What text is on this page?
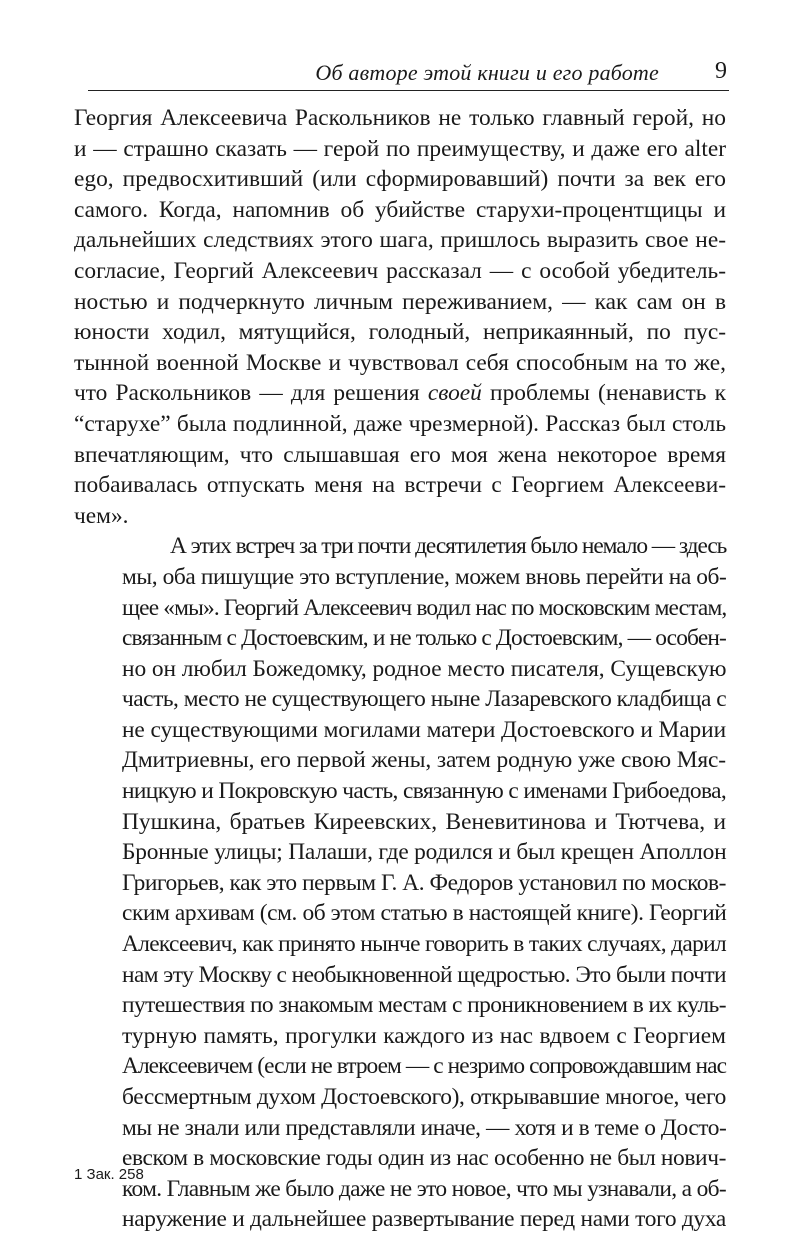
Об авторе этой книги и его работе 9

Георгия Алексеевича Раскольников не только главный герой, но
и — страшно сказать — герой по преимуществу, и даже его alter
ego, предвосхитивший (или сформировавший) почти за век его
самого. Когда, напомнив об убийстве старухи-процентщицы и
дальнейших следствиях этого шага, пришлось выразить свое не-
согласие, Георгий Алексеевич рассказал — с особой убедитель-
ностью и подчеркнуто личным переживанием, — как сам он в
юности ходил, мятущийся, голодный, неприкаянный, по пус-
тынной военной Москве и чувствовал себя способным на то же,
что Раскольников — для решения своей проблемы (ненависть к
“старухе” была подлинной, даже чрезмерной). Рассказ был столь
впечатляющим, что слышавшая его моя жена некоторое время
побаивалась отпускать меня на встречи с Георгием Алексееви-
чем».

А этих встреч за три почти десятилетия было немало — здесь
мы, оба пишущие это вступление, можем вновь перейти на об-
щее «мы». Георгий Алексеевич водил нас по московским местам,
связанным с Достоевским, и не только с Достоевским, — особен-
но он любил Божедомку, родное место писателя, Сущевскую
часть, место не существующего ныне Лазаревского кладбища с
не существующими могилами матери Достоевского и Марии
Дмитриевны, его первой жены, затем родную уже свою Мяс-
ницкую и Покровскую часть, связанную с именами Грибоедова,
Пушкина, братьев Киреевских, Веневитинова и Тютчева, и
Бронные улицы; Палаши, где родился и был крещен Аполлон
Григорьев, как это первым Г. А. Федоров установил по москов-
ским архивам (см. об этом статью в настоящей книге). Георгий
Алексеевич, как принято нынче говорить в таких случаях, дарил
нам эту Москву с необыкновенной щедростью. Это были почти
путешествия по знакомым местам с проникновением в их куль-
турную память, прогулки каждого из нас вдвоем с Георгием
Алексеевичем (если не втроем — с незримо сопровождавшим нас
бессмертным духом Достоевского), открывавшие многое, чего
мы не знали или представляли иначе, — хотя и в теме о Досто-
евском в московские годы один из нас особенно не был нович-
ком. Главным же было даже не это новое, что мы узнавали, а об-
наружение и дальнейшее развертывание перед нами того духа

1 Зак. 258
